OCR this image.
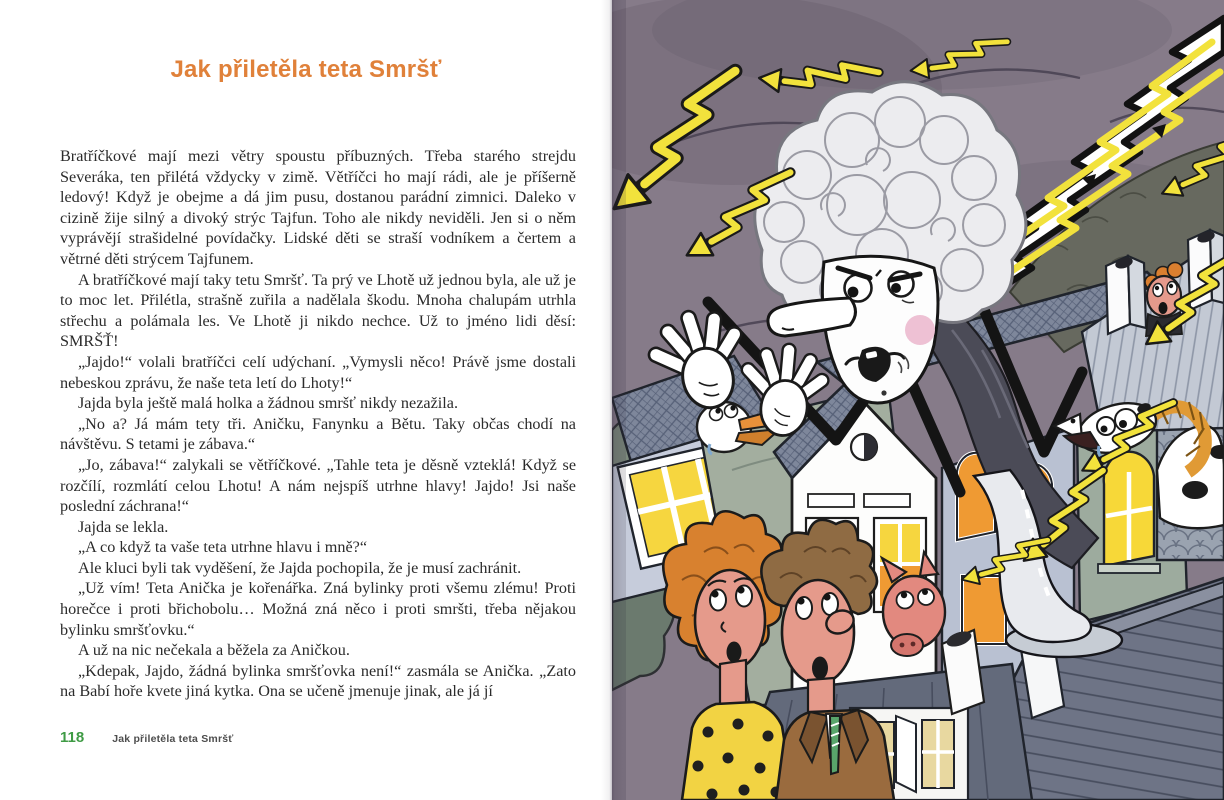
Jak přiletěla teta Smršť

Bratříčkové mají mezi větry spoustu příbuzných. Třeba starého strejdu Severáka, ten přilétá vždycky v zimě. Větříčci ho mají rádi, ale je příšerně ledový! Když je obejme a dá jim pusu, dostanou parádní zimnici. Daleko v cizině žije silný a divoký strýc Tajfun. Toho ale nikdy neviděli. Jen si o něm vyprávějí strašidelné povídačky. Lidské děti se straší vodníkem a čertem a větrné děti strýcem Tajfunem.

A bratříčkové mají taky tetu Smršť. Ta prý ve Lhotě už jednou byla, ale už je to moc let. Přilétla, strašně zuřila a nadělala škodu. Mnoha chalupám utrhla střechu a polámala les. Ve Lhotě ji nikdo nechce. Už to jméno lidi děsí: SMRŠŤ!

„Jajdo!“ volali bratříčci celí udýchaní. „Vymysli něco! Právě jsme dostali nebeskou zprávu, že naše teta letí do Lhoty!“

Jajda byla ještě malá holka a žádnou smršť nikdy nezažila.

„No a? Já mám tety tři. Aničku, Fanynku a Bětu. Taky občas chodí na návštěvu. S tetami je zábava.“

„Jo, zábava!“ zalykali se větříčkové. „Tahle teta je děsně vzteklá! Když se rozčílí, rozmlátí celou Lhotu! A nám nejspíš utrhne hlavy! Jajdo! Jsi naše poslední záchrana!“

Jajda se lekla.

„A co když ta vaše teta utrhne hlavu i mně?“

Ale kluci byli tak vyděšení, že Jajda pochopila, že je musí zachránit.

„Už vím! Teta Anička je kořenářka. Zná bylinky proti všemu zlému! Proti horečce i proti břichobolu… Možná zná něco i proti smršti, třeba nějakou bylinku smršťovku.“

A už na nic nečekala a běžela za Aničkou.

„Kdepak, Jajdo, žádná bylinka smršťovka není!“ zasmála se Anička. „Zato na Babí hoře kvete jiná kytka. Ona se učeně jmenuje jinak, ale já jí

118	Jak přiletěla teta Smršť
